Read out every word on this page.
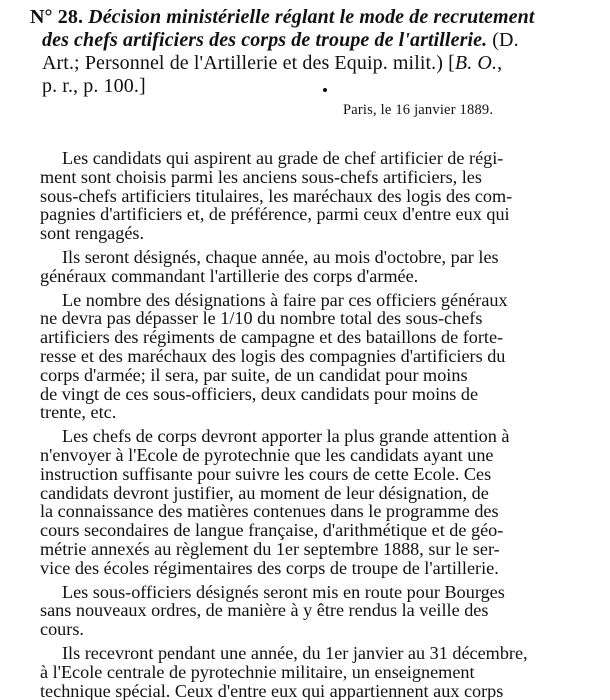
N° 28. Décision ministérielle réglant le mode de recrutement
des chefs artificiers des corps de troupe de l'artillerie. (D.
Art.; Personnel de l'Artillerie et des Equip. milit.) [B. O.,
p. r., p. 100.]
Paris, le 16 janvier 1889.
Les candidats qui aspirent au grade de chef artificier de régi-
ment sont choisis parmi les anciens sous-chefs artificiers, les
sous-chefs artificiers titulaires, les maréchaux des logis des com-
pagnies d'artificiers et, de préférence, parmi ceux d'entre eux qui
sont rengagés.
Ils seront désignés, chaque année, au mois d'octobre, par les
généraux commandant l'artillerie des corps d'armée.
Le nombre des désignations à faire par ces officiers généraux
ne devra pas dépasser le 1/10 du nombre total des sous-chefs
artificiers des régiments de campagne et des bataillons de forte-
resse et des maréchaux des logis des compagnies d'artificiers du
corps d'armée; il sera, par suite, de un candidat pour moins
de vingt de ces sous-officiers, deux candidats pour moins de
trente, etc.
Les chefs de corps devront apporter la plus grande attention à
n'envoyer à l'Ecole de pyrotechnie que les candidats ayant une
instruction suffisante pour suivre les cours de cette Ecole. Ces
candidats devront justifier, au moment de leur désignation, de
la connaissance des matières contenues dans le programme des
cours secondaires de langue française, d'arithmétique et de géo-
métrie annexés au règlement du 1er septembre 1888, sur le ser-
vice des écoles régimentaires des corps de troupe de l'artillerie.
Les sous-officiers désignés seront mis en route pour Bourges
sans nouveaux ordres, de manière à y être rendus la veille des
cours.
Ils recevront pendant une année, du 1er janvier au 31 décembre,
à l'Ecole centrale de pyrotechnie militaire, un enseignement
technique spécial. Ceux d'entre eux qui appartiennent aux corps
